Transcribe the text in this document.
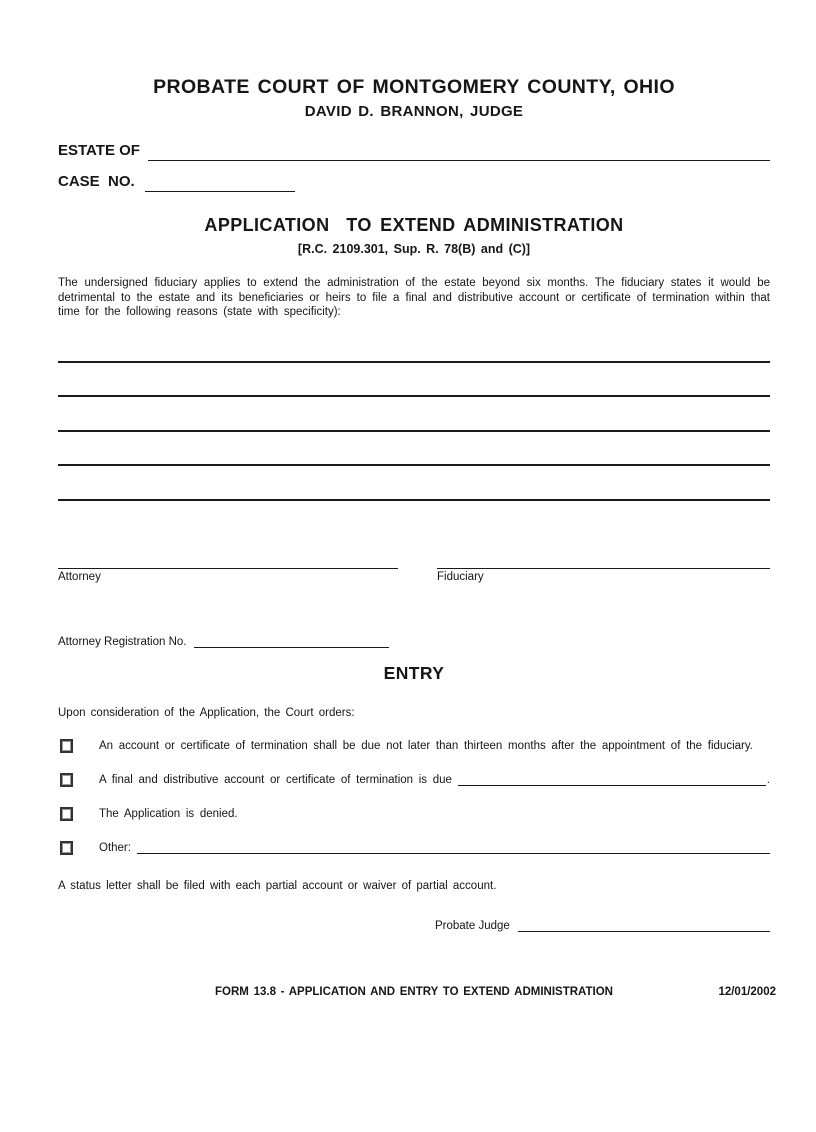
PROBATE COURT OF MONTGOMERY COUNTY, OHIO
DAVID D. BRANNON, JUDGE
ESTATE OF
CASE  NO.
APPLICATION  TO EXTEND ADMINISTRATION
[R.C. 2109.301, Sup. R. 78(B) and (C)]

The undersigned fiduciary applies to extend the administration of the estate beyond six months. The fiduciary states it would be detrimental to the estate and its beneficiaries or heirs to file a final and distributive account or certificate of termination within that time for the following reasons (state with specificity):

Attorney	Fiduciary
Attorney Registration No.
ENTRY
Upon consideration of the Application, the Court orders:
An account or certificate of termination shall be due not later than thirteen months after the appointment of the fiduciary.
A final and distributive account or certificate of termination is due	.
The Application is denied.
Other:
A status letter shall be filed with each partial account or waiver of partial account.
Probate Judge
FORM 13.8 - APPLICATION AND ENTRY TO EXTEND ADMINISTRATION	12/01/2002
